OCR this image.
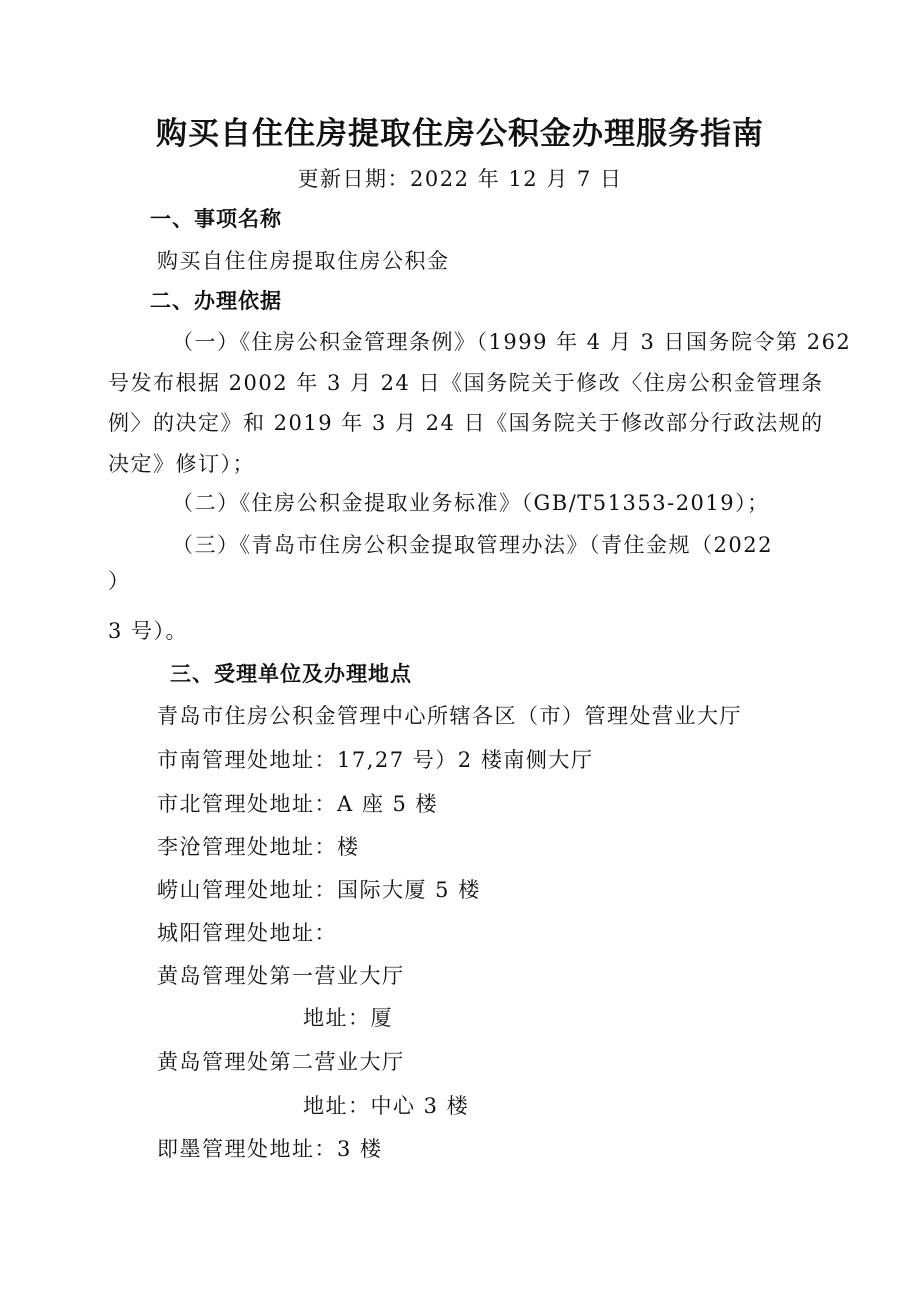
购买自住住房提取住房公积金办理服务指南
更新日期：2022 年 12 月 7 日
一、事项名称
购买自住住房提取住房公积金
二、办理依据
（一）《住房公积金管理条例》（1999 年 4 月 3 日国务院令第 262
号发布根据 2002 年 3 月 24 日《国务院关于修改〈住房公积金管理条
例〉的决定》和 2019 年 3 月 24 日《国务院关于修改部分行政法规的
决定》修订）；
（二）《住房公积金提取业务标准》（GB/T51353-2019）；
（三）《青岛市住房公积金提取管理办法》（青住金规（2022
）
3 号）。
三、受理单位及办理地点
青岛市住房公积金管理中心所辖各区（市）管理处营业大厅
市南管理处地址：17,27 号）2 楼南侧大厅
市北管理处地址：A 座 5 楼
李沧管理处地址：楼
崂山管理处地址：国际大厦 5 楼
城阳管理处地址：
黄岛管理处第一营业大厅
地址：厦
黄岛管理处第二营业大厅
地址：中心 3 楼
即墨管理处地址：3 楼
